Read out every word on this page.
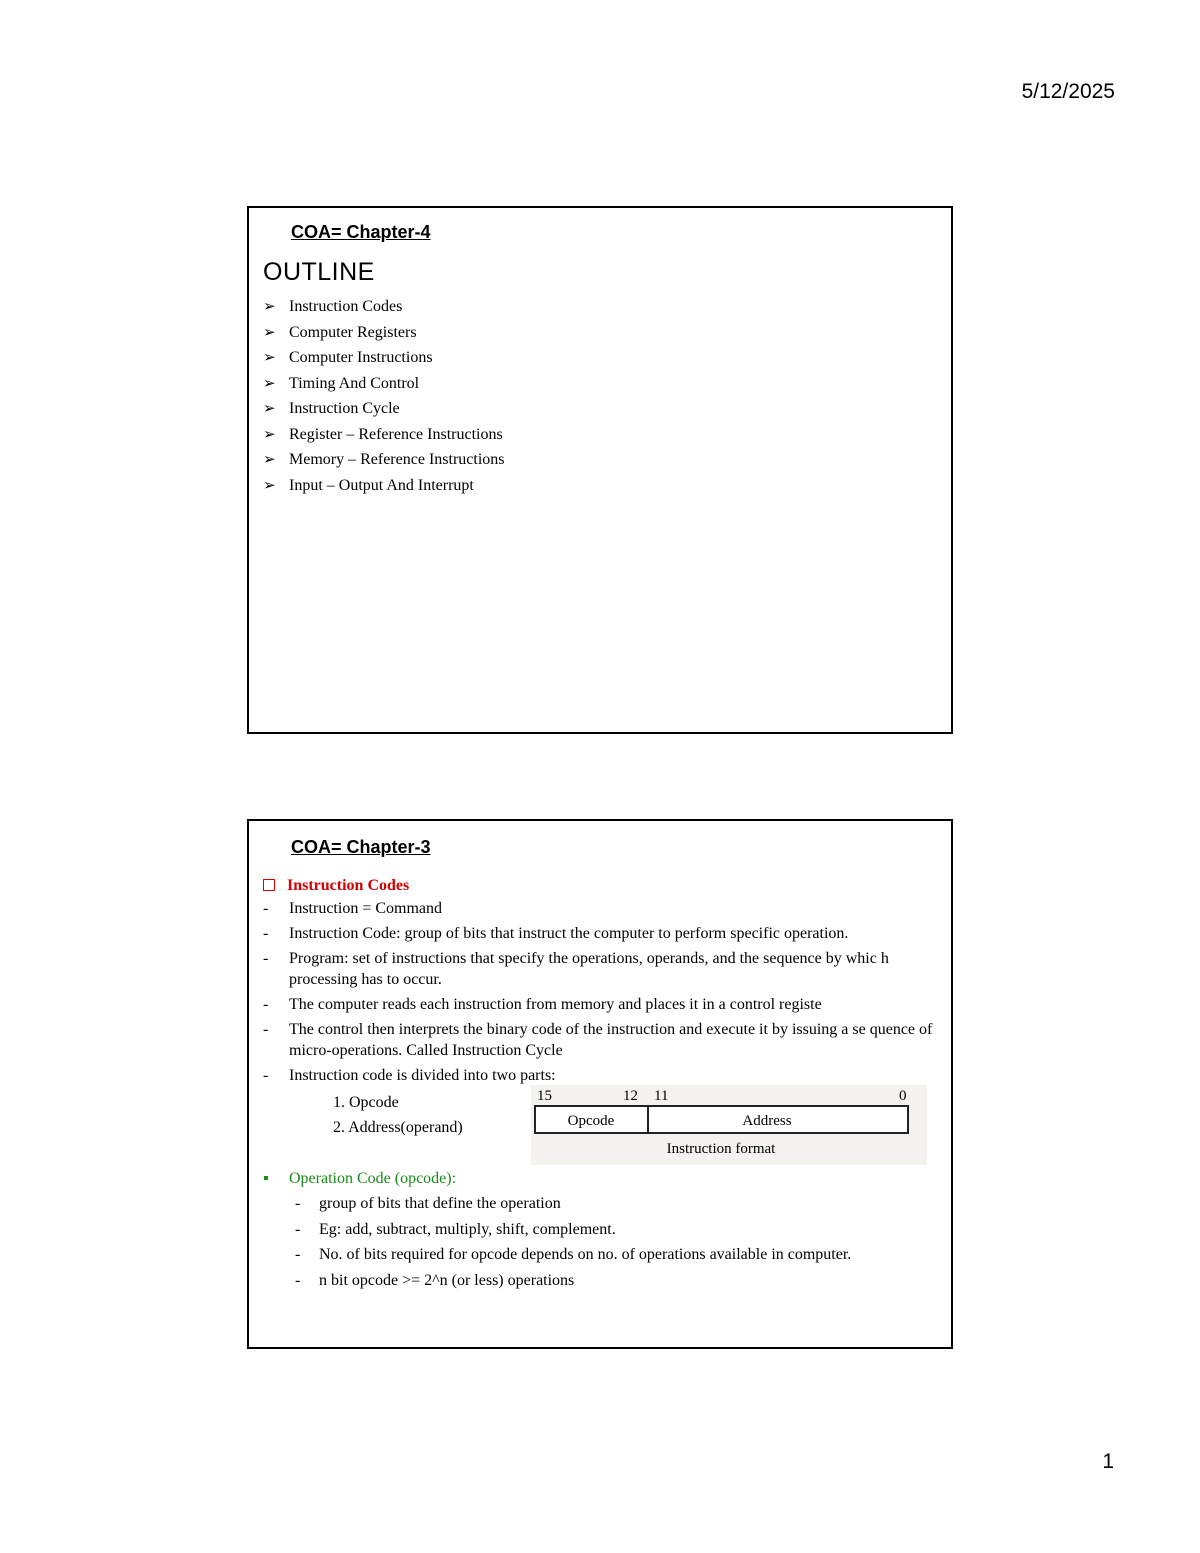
5/12/2025
COA= Chapter-4
OUTLINE
➢ Instruction Codes
➢ Computer Registers
➢ Computer Instructions
➢ Timing And Control
➢ Instruction Cycle
➢ Register – Reference Instructions
➢ Memory – Reference Instructions
➢ Input – Output And Interrupt
COA= Chapter-3
Instruction Codes
-	Instruction = Command
-	Instruction Code: group of bits that instruct the computer to perform specific operation.
-	Program: set of instructions that specify the operations, operands, and the sequence by whic h processing has to occur.
-	The computer reads each instruction from memory and places it in a control registe
-	The control then interprets the binary code of the instruction and execute it by issuing a se quence of micro-operations. Called Instruction Cycle
-	Instruction code is divided into two parts:
1. Opcode
2. Address(operand)
▪	Operation Code (opcode):
-	group of bits that define the operation
-	Eg: add, subtract, multiply, shift, complement.
-	No. of bits required for opcode depends on no. of operations available in computer.
-	n bit opcode >= 2^n (or less) operations
15	12 11	0
Opcode	Address
Instruction format
1
